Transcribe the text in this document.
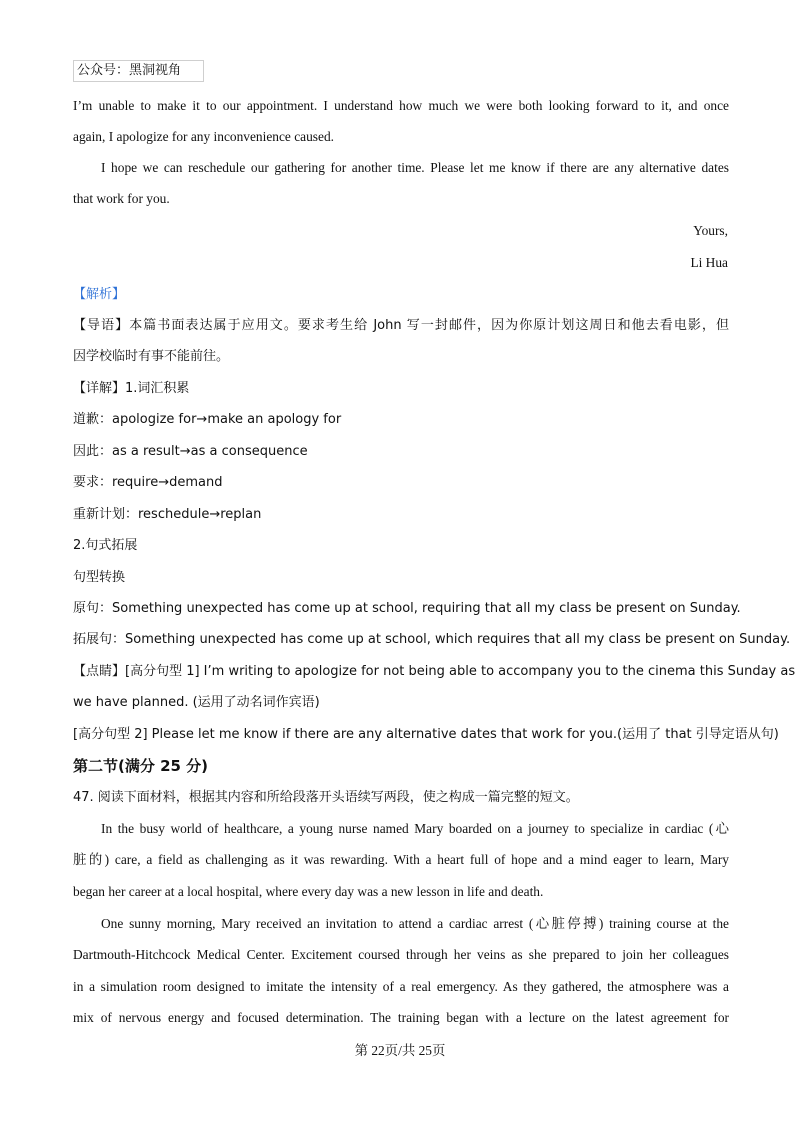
公众号：黑洞视角
I’m unable to make it to our appointment. I understand how much we were both looking forward to it, and once
again, I apologize for any inconvenience caused.
I hope we can reschedule our gathering for another time. Please let me know if there are any alternative dates
that work for you.
Yours,
Li Hua
【解析】
【导语】本篇书面表达属于应用文。要求考生给 John 写一封邮件，因为你原计划这周日和他去看电影，但
因学校临时有事不能前往。
【详解】1.词汇积累
道歉：apologize for→make an apology for
因此：as a result→as a consequence
要求：require→demand
重新计划：reschedule→replan
2.句式拓展
句型转换
原句：Something unexpected has come up at school, requiring that all my class be present on Sunday.
拓展句：Something unexpected has come up at school, which requires that all my class be present on Sunday.
【点睛】[高分句型 1] I’m writing to apologize for not being able to accompany you to the cinema this Sunday as
we have planned. (运用了动名词作宾语)
[高分句型 2] Please let me know if there are any alternative dates that work for you.(运用了 that 引导定语从句)
第二节(满分 25 分)
47. 阅读下面材料，根据其内容和所给段落开头语续写两段，使之构成一篇完整的短文。
In the busy world of healthcare, a young nurse named Mary boarded on a journey to specialize in cardiac (心
脏的) care, a field as challenging as it was rewarding. With a heart full of hope and a mind eager to learn, Mary
began her career at a local hospital, where every day was a new lesson in life and death.
One sunny morning, Mary received an invitation to attend a cardiac arrest (心脏停搏) training course at the
Dartmouth-Hitchcock Medical Center. Excitement coursed through her veins as she prepared to join her colleagues
in a simulation room designed to imitate the intensity of a real emergency. As they gathered, the atmosphere was a
mix of nervous energy and focused determination. The training began with a lecture on the latest agreement for
第 22页/共 25页
